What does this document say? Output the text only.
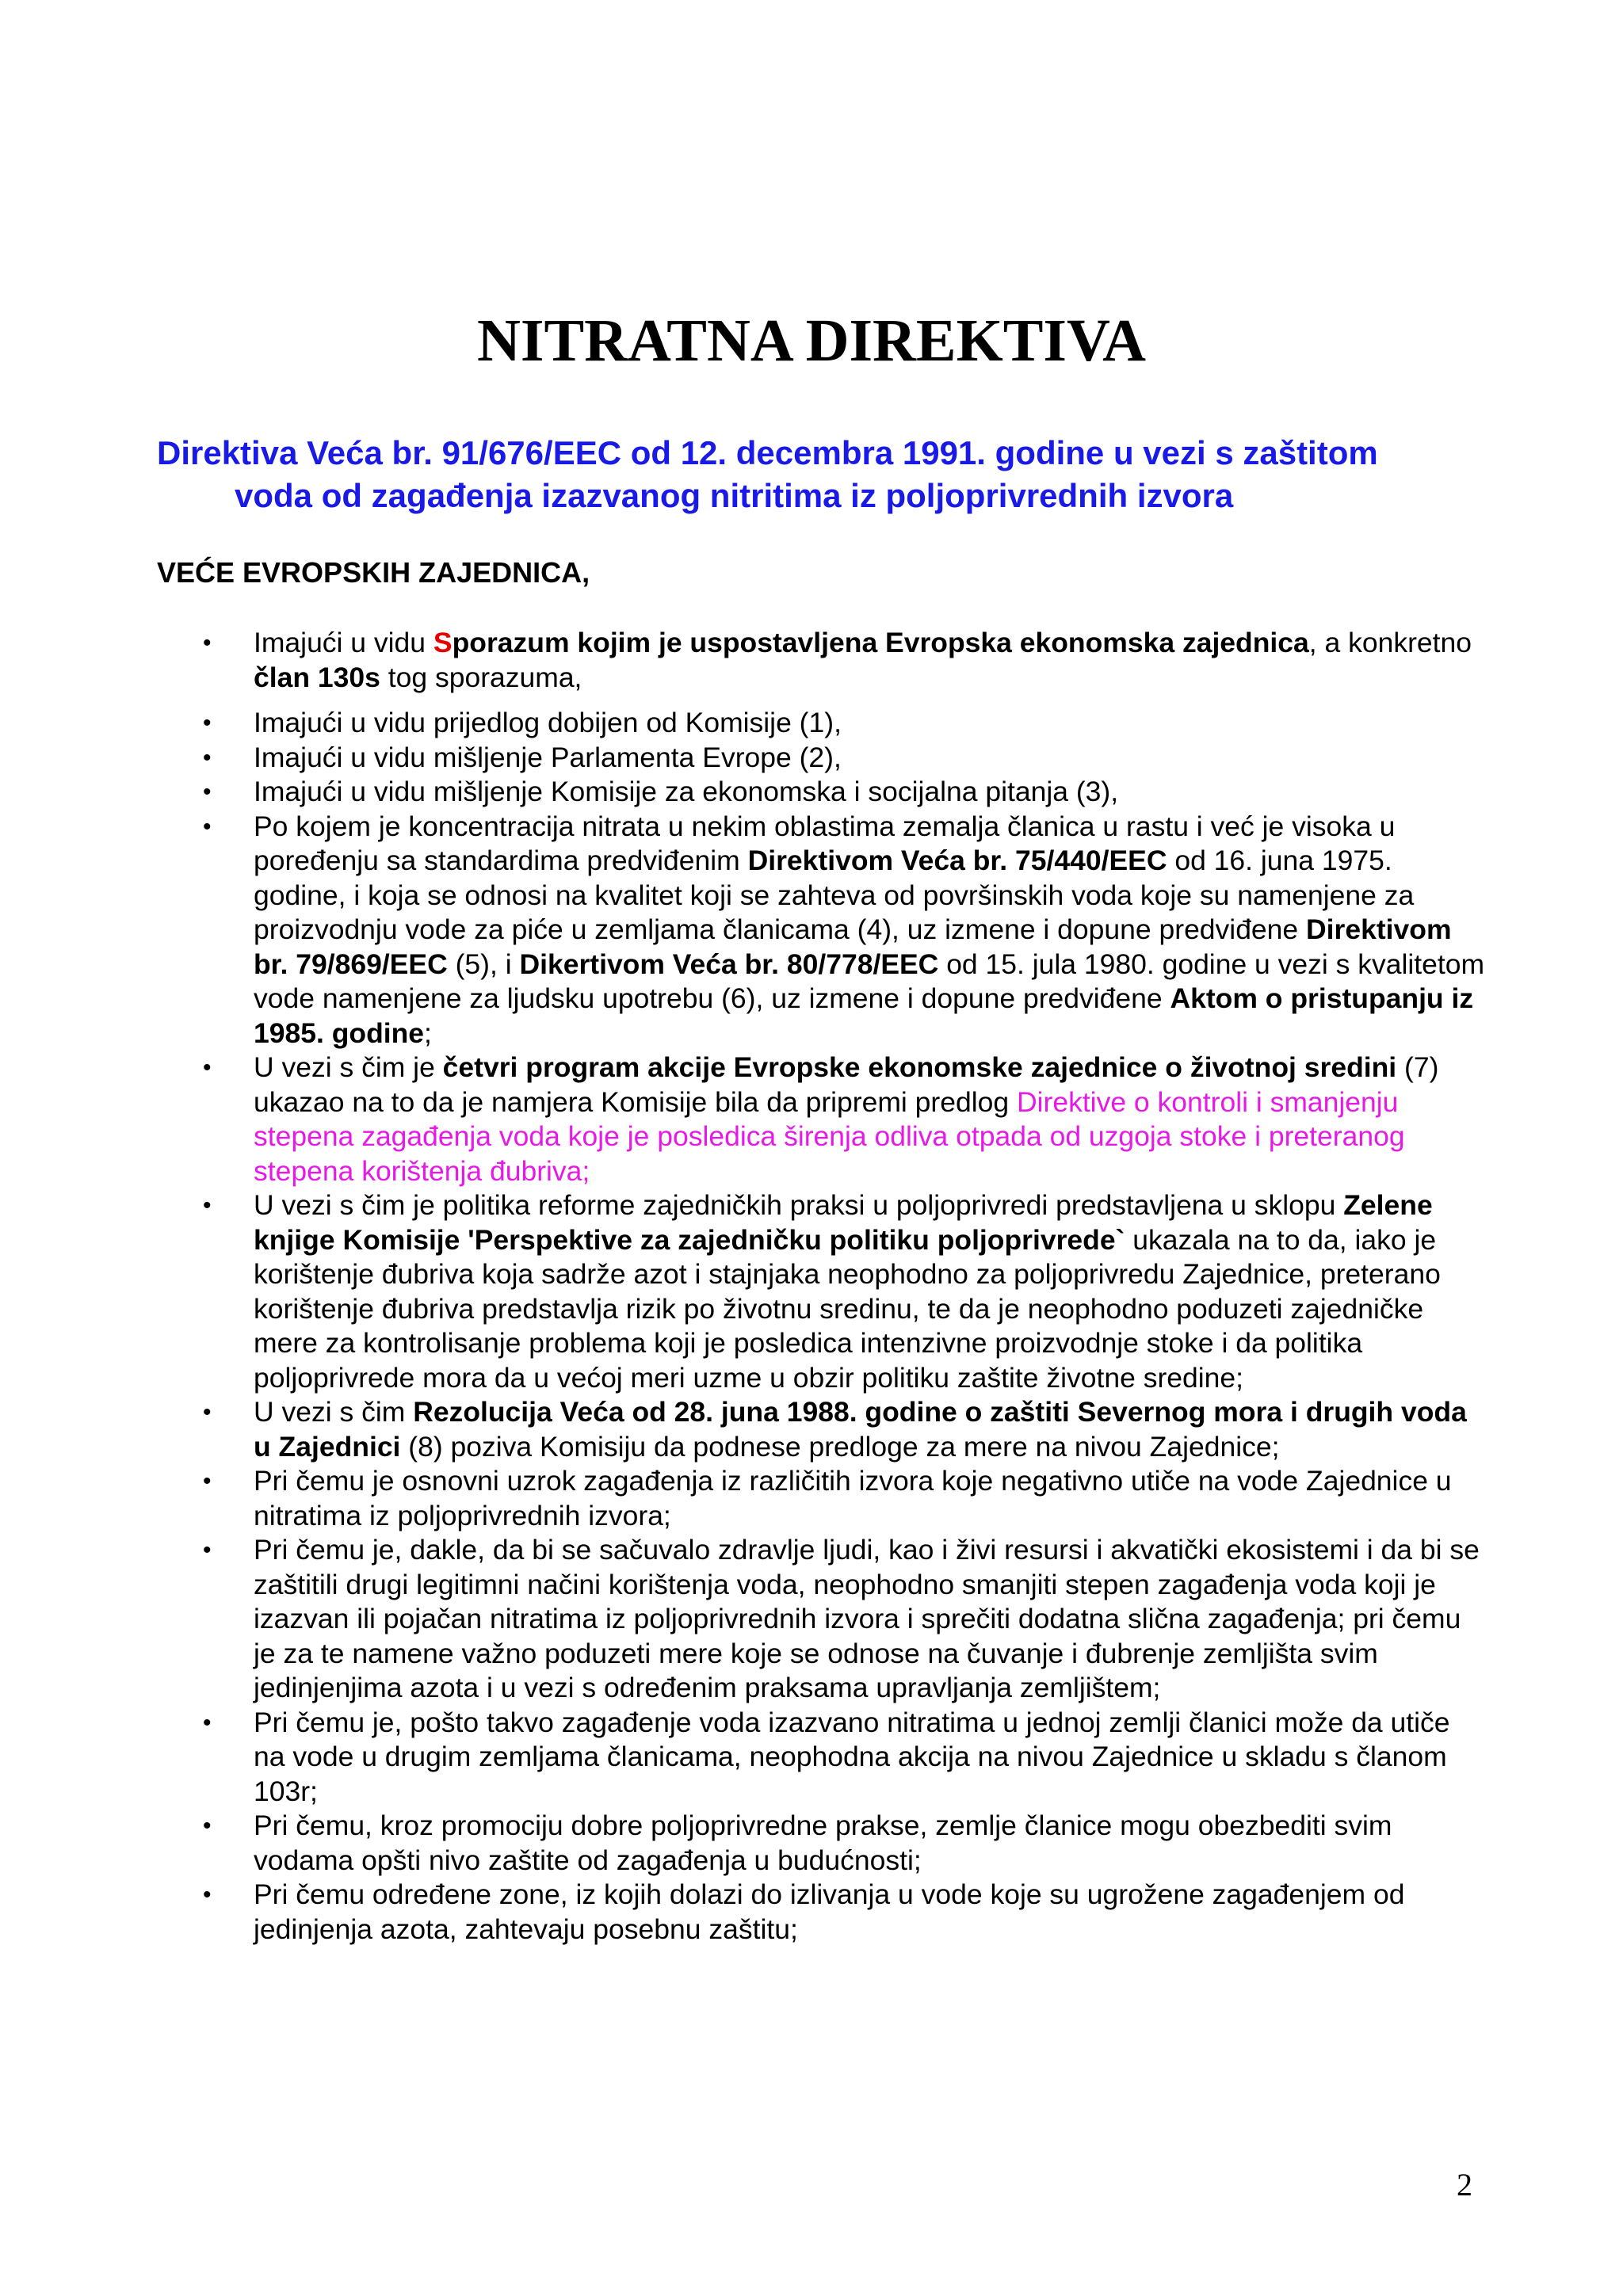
NITRATNA DIREKTIVA

Direktiva Veća br. 91/676/EEC od 12. decembra 1991. godine u vezi s zaštitom
voda od zagađenja izazvanog nitritima iz poljoprivrednih izvora

VEĆE EVROPSKIH ZAJEDNICA,

• Imajući u vidu Sporazum kojim je uspostavljena Evropska ekonomska zajednica, a konkretno član 130s tog sporazuma,
• Imajući u vidu prijedlog dobijen od Komisije (1),
• Imajući u vidu mišljenje Parlamenta Evrope (2),
• Imajući u vidu mišljenje Komisije za ekonomska i socijalna pitanja (3),
• Po kojem je koncentracija nitrata u nekim oblastima zemalja članica u rastu i već je visoka u poređenju sa standardima predviđenim Direktivom Veća br. 75/440/EEC od 16. juna 1975. godine, i koja se odnosi na kvalitet koji se zahteva od površinskih voda koje su namenjene za proizvodnju vode za piće u zemljama članicama (4), uz izmene i dopune predviđene Direktivom br. 79/869/EEC (5), i Dikertivom Veća br. 80/778/EEC od 15. jula 1980. godine u vezi s kvalitetom vode namenjene za ljudsku upotrebu (6), uz izmene i dopune predviđene Aktom o pristupanju iz 1985. godine;
• U vezi s čim je četvri program akcije Evropske ekonomske zajednice o životnoj sredini (7) ukazao na to da je namjera Komisije bila da pripremi predlog Direktive o kontroli i smanjenju stepena zagađenja voda koje je posledica širenja odliva otpada od uzgoja stoke i preteranog stepena korištenja đubriva;
• U vezi s čim je politika reforme zajedničkih praksi u poljoprivredi predstavljena u sklopu Zelene knjige Komisije 'Perspektive za zajedničku politiku poljoprivrede` ukazala na to da, iako je korištenje đubriva koja sadrže azot i stajnjaka neophodno za poljoprivredu Zajednice, preterano korištenje đubriva predstavlja rizik po životnu sredinu, te da je neophodno poduzeti zajedničke mere za kontrolisanje problema koji je posledica intenzivne proizvodnje stoke i da politika poljoprivrede mora da u većoj meri uzme u obzir politiku zaštite životne sredine;
• U vezi s čim Rezolucija Veća od 28. juna 1988. godine o zaštiti Severnog mora i drugih voda u Zajednici (8) poziva Komisiju da podnese predloge za mere na nivou Zajednice;
• Pri čemu je osnovni uzrok zagađenja iz različitih izvora koje negativno utiče na vode Zajednice u nitratima iz poljoprivrednih izvora;
• Pri čemu je, dakle, da bi se sačuvalo zdravlje ljudi, kao i živi resursi i akvatički ekosistemi i da bi se zaštitili drugi legitimni načini korištenja voda, neophodno smanjiti stepen zagađenja voda koji je izazvan ili pojačan nitratima iz poljoprivrednih izvora i sprečiti dodatna slična zagađenja; pri čemu je za te namene važno poduzeti mere koje se odnose na čuvanje i đubrenje zemljišta svim jedinjenjima azota i u vezi s određenim praksama upravljanja zemljištem;
• Pri čemu je, pošto takvo zagađenje voda izazvano nitratima u jednoj zemlji članici može da utiče na vode u drugim zemljama članicama, neophodna akcija na nivou Zajednice u skladu s članom 103r;
• Pri čemu, kroz promociju dobre poljoprivredne prakse, zemlje članice mogu obezbediti svim vodama opšti nivo zaštite od zagađenja u budućnosti;
• Pri čemu određene zone, iz kojih dolazi do izlivanja u vode koje su ugrožene zagađenjem od jedinjenja azota, zahtevaju posebnu zaštitu;
2
